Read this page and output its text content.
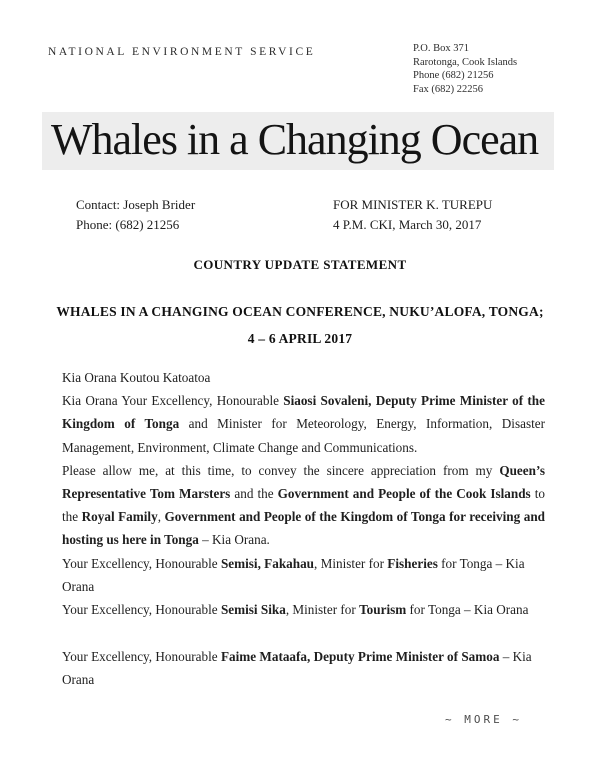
NATIONAL ENVIRONMENT SERVICE	P.O. Box 371
Rarotonga, Cook Islands
Phone (682) 21256
Fax (682) 22256
Whales in a Changing Ocean
Contact: Joseph Brider
Phone: (682) 21256
FOR MINISTER K. TUREPU
4 P.M. CKI, March 30, 2017
COUNTRY UPDATE STATEMENT
WHALES IN A CHANGING OCEAN CONFERENCE, NUKU’ALOFA, TONGA;
4 – 6 APRIL 2017

Kia Orana Koutou Katoatoa

Kia Orana Your Excellency, Honourable Siaosi Sovaleni, Deputy Prime Minister of the Kingdom of Tonga and Minister for Meteorology, Energy, Information, Disaster Management, Environment, Climate Change and Communications.

Please allow me, at this time, to convey the sincere appreciation from my Queen’s Representative Tom Marsters and the Government and People of the Cook Islands to the Royal Family, Government and People of the Kingdom of Tonga for receiving and hosting us here in Tonga – Kia Orana.

Your Excellency, Honourable Semisi, Fakahau, Minister for Fisheries for Tonga – Kia Orana

Your Excellency, Honourable Semisi Sika, Minister for Tourism for Tonga – Kia Orana

Your Excellency, Honourable Faime Mataafa, Deputy Prime Minister of Samoa – Kia Orana

~ MORE ~
